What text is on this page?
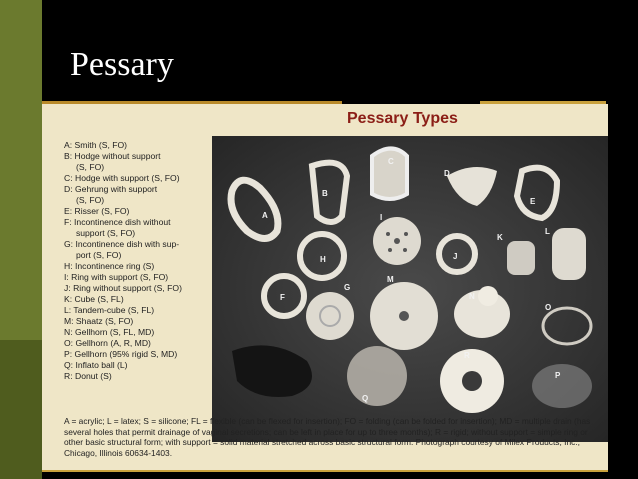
Pessary
Pessary Types
A: Smith (S, FO)
B: Hodge without support
(S, FO)
C: Hodge with support (S, FO)
D: Gehrung with support
(S, FO)
E: Risser (S, FO)
F: Incontinence dish without
support (S, FO)
G: Incontinence dish with sup-
port (S, FO)
H: Incontinence ring (S)
I: Ring with support (S, FO)
J: Ring without support (S, FO)
K: Cube (S, FL)
L: Tandem-cube (S, FL)
M: Shaatz (S, FO)
N: Gellhorn (S, FL, MD)
O: Gellhorn (A, R, MD)
P: Gellhorn (95% rigid S, MD)
Q: Inflato ball (L)
R: Donut (S)
A
B
C
D
E
F
G
H
I
J
K
L
M
N
O
P
Q
R
A = acrylic; L = latex; S = silicone; FL = flexible (can be flexed for insertion); FO = folding (can be folded for insertion); MD = multiple drain (has several holes that permit drainage of vaginal secretions; can be left in place for up to three months); R = rigid; without support = simple ring or other basic structural form; with support = solid material stretched across basic structural form. Photograph courtesy of Milex Products, Inc., Chicago, Illinois 60634-1403.
